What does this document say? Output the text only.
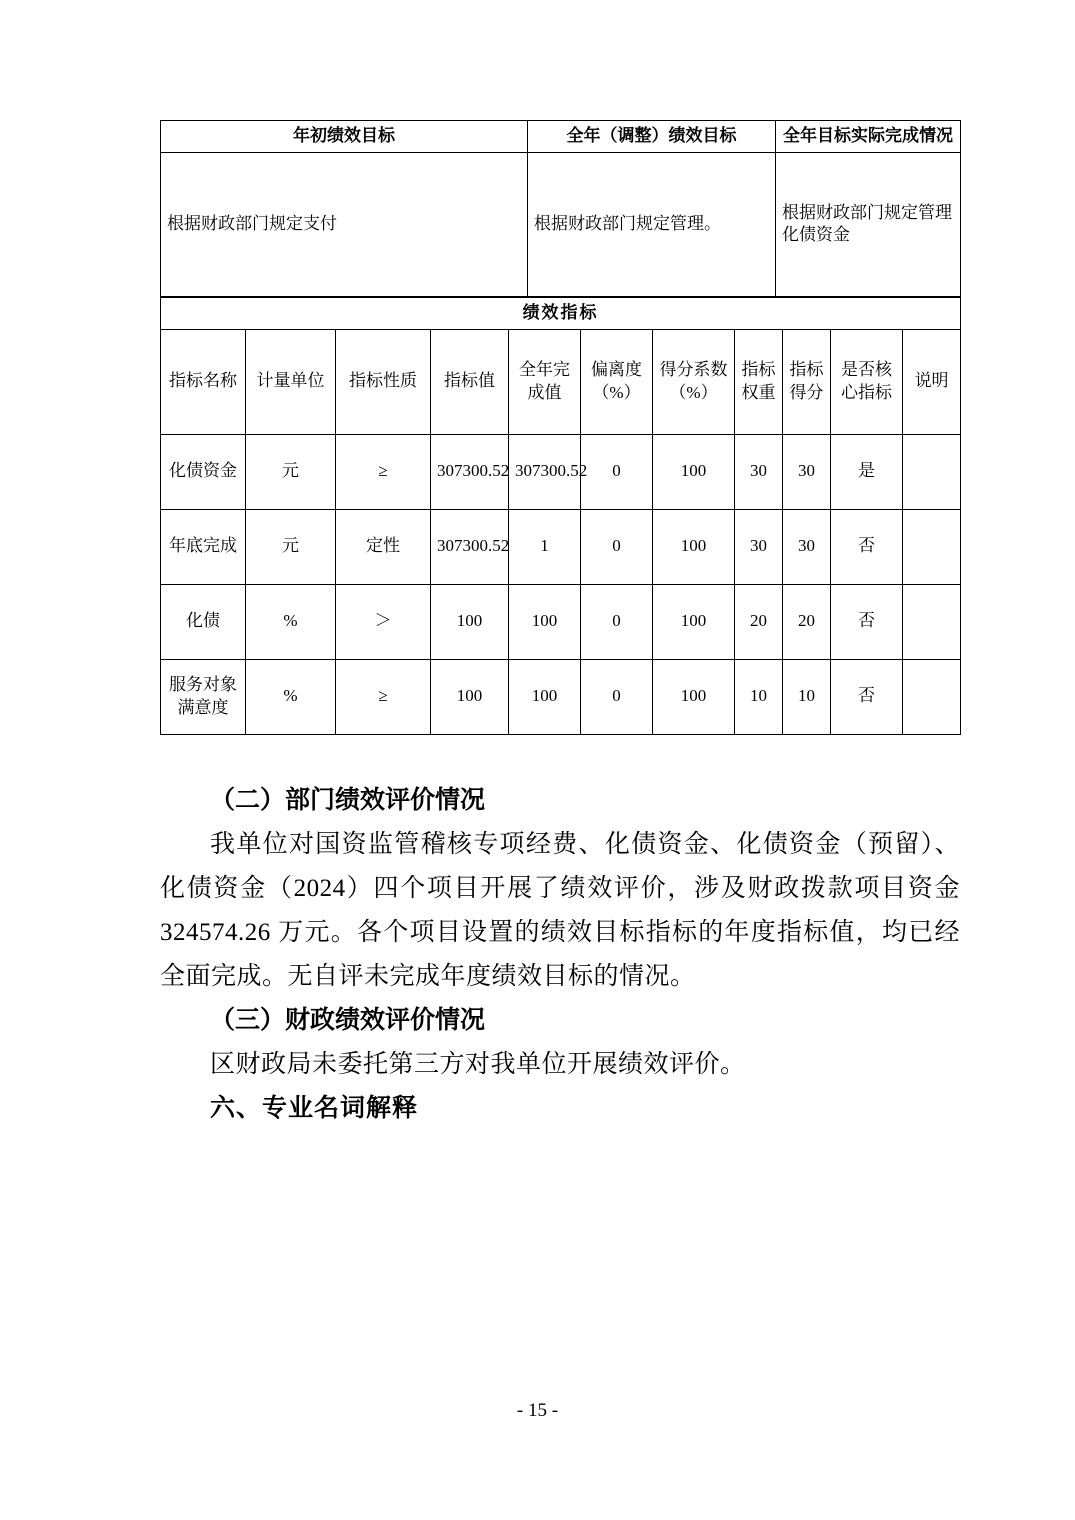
年初绩效目标	全年（调整）绩效目标	全年目标实际完成情况
根据财政部门规定支付	根据财政部门规定管理。	根据财政部门规定管理化债资金
绩效指标										
指标名称	计量单位	指标性质	指标值	全年完成值	偏离度（%）	得分系数（%）	指标权重	指标得分	是否核心指标	说明
化债资金	元	≥	307300.52	307300.52	0	100	30	30	是	
年底完成	元	定性	307300.52	1	0	100	30	30	否	
化债	%	＞	100	100	0	100	20	20	否	
服务对象满意度	%	≥	100	100	0	100	10	10	否	

（二）部门绩效评价情况

我单位对国资监管稽核专项经费、化债资金、化债资金（预留）、化债资金（2024）四个项目开展了绩效评价，涉及财政拨款项目资金 324574.26 万元。各个项目设置的绩效目标指标的年度指标值，均已经全面完成。无自评未完成年度绩效目标的情况。

（三）财政绩效评价情况

区财政局未委托第三方对我单位开展绩效评价。

六、专业名词解释

- 15 -
